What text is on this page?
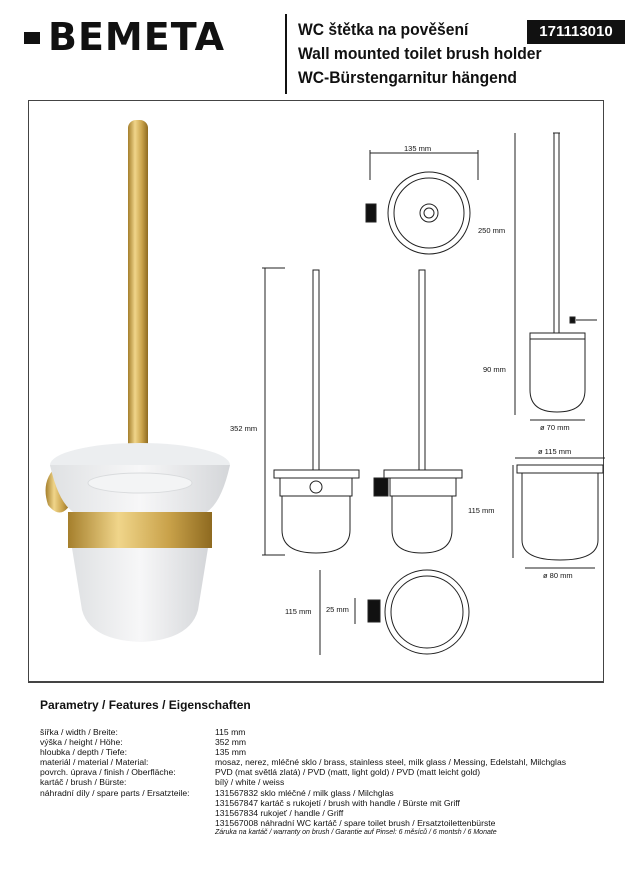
BEMETA	WC štětka na pověšení
Wall mounted toilet brush holder
WC-Bürstengarnitur hängend
171113010
135 mm
250 mm
90 mm
ø 70 mm
352 mm
ø 115 mm
115 mm
ø 80 mm
115 mm 25 mm
Parametry / Features / Eigenschaften
šířka / width / Breite:	115 mm
výška / height / Höhe:	352 mm
hloubka / depth / Tiefe:	135 mm
materiál / material / Material:	mosaz, nerez, mléčné sklo / brass, stainless steel, milk glass / Messing, Edelstahl, Milchglas
povrch. úprava / finish / Oberfläche:	PVD (mat světlá zlatá) / PVD (matt, light gold) / PVD (matt leicht gold)
kartáč / brush / Bürste:	bílý / white / weiss
náhradní díly / spare parts / Ersatzteile:	131567832 sklo mléčné / milk glass / Milchglas
131567847 kartáč s rukojetí / brush with handle / Bürste mit Griff
131567834 rukojeť / handle / Griff
131567008 náhradní WC kartáč / spare toilet brush / Ersatztoilettenbürste
Záruka na kartáč / warranty on brush / Garantie auf Pinsel: 6 měsíců / 6 montsh / 6 Monate
